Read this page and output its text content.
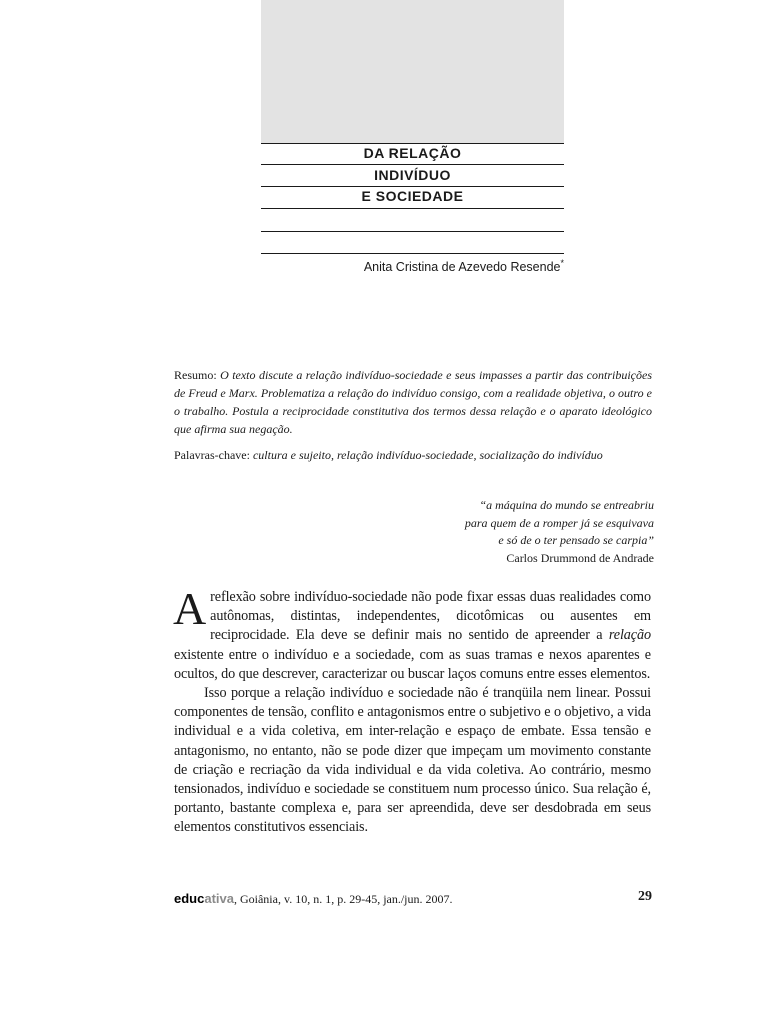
DA RELAÇÃO
INDIVÍDUO
E SOCIEDADE
Anita Cristina de Azevedo Resende*
Resumo: O texto discute a relação indivíduo-sociedade e seus impasses a partir das contribuições de Freud e Marx. Problematiza a relação do indivíduo consigo, com a realidade objetiva, o outro e o trabalho. Postula a reciprocidade constitutiva dos termos dessa relação e o aparato ideológico que afirma sua negação.
Palavras-chave: cultura e sujeito, relação indivíduo-sociedade, socialização do indivíduo
“a máquina do mundo se entreabriu
para quem de a romper já se esquivava
e só de o ter pensado se carpia”
Carlos Drummond de Andrade

Areflexão sobre indivíduo-sociedade não pode fixar essas duas realidades como autônomas, distintas, independentes, dicotômicas ou ausentes em reciprocidade. Ela deve se definir mais no sentido de apreender a relação existente entre o indivíduo e a sociedade, com as suas tramas e nexos aparentes e ocultos, do que descrever, caracterizar ou buscar laços comuns entre esses elementos.

Isso porque a relação indivíduo e sociedade não é tranqüila nem linear. Possui componentes de tensão, conflito e antagonismos entre o subjetivo e o objetivo, a vida individual e a vida coletiva, em inter-relação e espaço de embate. Essa tensão e antagonismo, no entanto, não se pode dizer que impeçam um movimento constante de criação e recriação da vida individual e da vida coletiva. Ao contrário, mesmo tensionados, indivíduo e sociedade se constituem num processo único. Sua relação é, portanto, bastante complexa e, para ser apreendida, deve ser desdobrada em seus elementos constitutivos essenciais.

educativa, Goiânia, v. 10, n. 1, p. 29-45, jan./jun. 2007.	29
